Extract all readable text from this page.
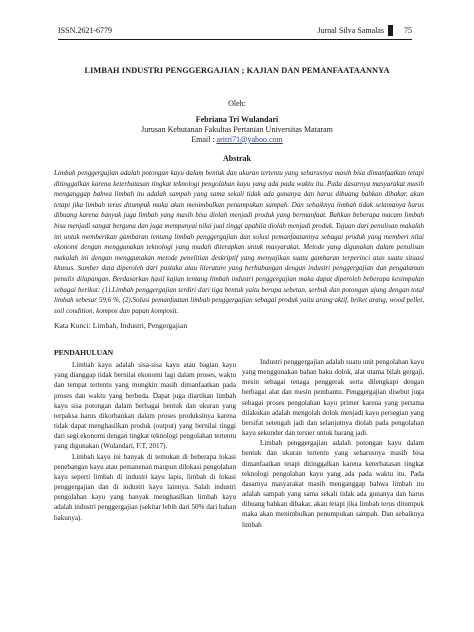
ISSN.2621-6779	Jurnal Silva Samalas	75
LIMBAH INDUSTRI PENGGERGAJIAN ; KAJIAN DAN PEMANFAATAANNYA
Oleh:
Febriana Tri Wulandari
Jurusan Kehutanan Fakultas Pertanian Universitas Mataram
Email : aritri71@yahoo.com
Abstrak
Limbah penggergajian adalah potongan kayu dalam bentuk dan ukuran tertentu yang seharusnya masih bisa dimanfaatkan tetapi ditinggalkan karena keterbatasan tingkat teknologi pengolahan kayu yang ada pada waktu itu. Pada dasarnya masyarakat masih menganggap bahwa limbah itu adalah sampah yang sama sekali tidak ada gunanya dan harus dibuang bahkan dibakar, akan tetapi jika limbah terus ditumpuk maka akan menimbulkan penumpukan sampah. Dan sebaiknya limbah tidak selamanya harus dibuang karena banyak juga limbah yang masih bisa diolah menjadi produk yang bermanfaat. Bahkan beberapa macam limbah bisa menjadi sangat berguna dan juga mempunyai nilai jual tinggi apabila diolah menjadi produk. Tujuan dari penulisan makalah ini untuk memberikan gambaran tentang limbah penggergajian dan solusi pemanfaatannya sebagai produk yang memberi nilai ekonomi dengan menggunakan teknologi yang mudah diterapkan untuk masyarakat. Metode yang digunakan dalam penulisan makalah ini dengan menggunakan metode penelitian deskriptif yang menyajikan suatu gambaran terperinci atas suatu situasi khusus. Sumber data diperoleh dari pustaka atau literature yang berhubungan dengan industri penggergajian dan pengalaman penulis dilapangan. Berdasarkan hasil kajian tentang limbah industri penggergajian maka dapat diperoleh beberapa kesimpulan sebagai berikut: (1).Limbah penggergajian terdiri dari tiga bentuk yaitu berupa sebetan, serbuk dan potongan ujung dengan total limbah sebesar 59,6 %, (2).Solusi pemanfaatan limbah penggergajian sebagai produk yaitu arang aktif, briket arang, wood pellet, soil condition, kompos dan papan komposit.
Kata Kunci: Limbah, Industri, Pengergajian
PENDAHULUAN

Limbah kayu adalah sisa-sisa kayu atau bagian kayu yang dianggap tidak bernilai ekonomi lagi dalam proses, waktu dan tempat tertentu yang mungkin masih dimanfaatkan pada proses dan waktu yang berbeda. Dapat juga diartikan limbah kayu sisa potongan dalam berbagai bentuk dan ukuran yang terpaksa harus dikorbankan dalam proses produksinya karena tidak dapat menghasilkan produk (output) yang bernilai tinggi dari segi ekonomi dengan tingkat teknologi pengolahan tertentu yang digunakan (Wulandari, F.T, 2017).

Limbah kayu ini banyak di temukan di beberapa lokasi penebangan kayu atau pemanenan maupun dilokasi pengolahan kayu seperti limbah di industri kayu lapis, limbah di lokasi penggergajian dan di industri kayu lainnya. Salah industri pengolahan kayu yang banyak menghasilkan limbah kayu adalah industri penggergajian (sekitar lebih dari 50% dari bahan bakunya).

Industri penggergajian adalah suatu unit pengolahan kayu yang menggunakan bahan baku dolok, alat utama bilah gergaji, mesin sebagai tenaga penggerak serta dilengkapi dengan berbagai alat dan mesin pembantu. Penggergajian disebut juga sebagai proses pengolahan kayu primer karena yang pertama dilakukan adalah mengolah dolok menjadi kayu persegian yang bersifat setengah jadi dan selanjutnya diolah pada pengolahan kayu sekunder dan tersier untuk barang jadi.

Limbah penggergajian adalah potongan kayu dalam bentuk dan ukuran tertentu yang seharusnya masih bisa dimanfaatkan tetapi ditinggalkan karena keterbatasan tingkat teknologi pengolahan kayu yang ada pada waktu itu. Pada dasarnya masyarakat masih menganggap bahwa limbah itu adalah sampah yang sama sekali tidak ada gunanya dan harus dibuang bahkan dibakar, akan tetapi jika limbah terus ditumpuk maka akan menimbulkan penumpukan sampah. Dan sebaiknya limbah
